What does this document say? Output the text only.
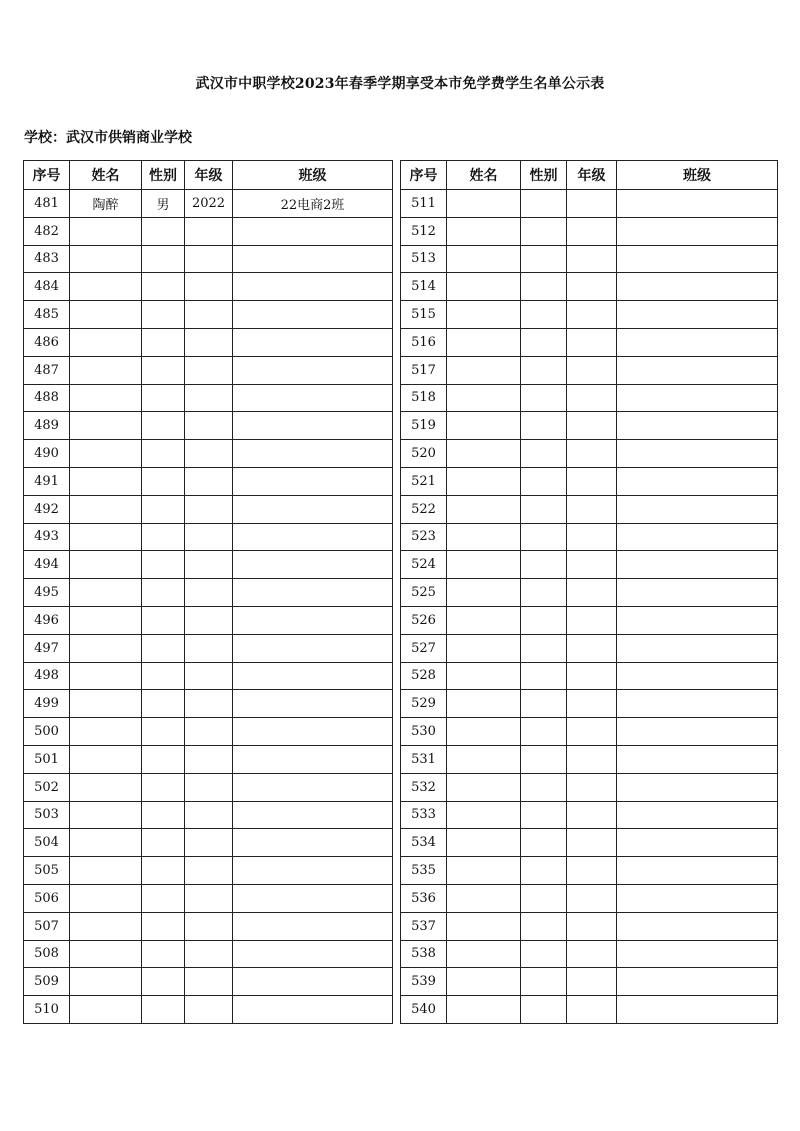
武汉市中职学校2023年春季学期享受本市免学费学生名单公示表
学校：武汉市供销商业学校
序号	姓名	性别	年级	班级
481	陶醉	男	2022	22电商2班
482				
483				
484				
485				
486				
487				
488				
489				
490				
491				
492				
493				
494				
495				
496				
497				
498				
499				
500				
501				
502				
503				
504				
505				
506				
507				
508				
509				
510				
序号	姓名	性别	年级	班级
511				
512				
513				
514				
515				
516				
517				
518				
519				
520				
521				
522				
523				
524				
525				
526				
527				
528				
529				
530				
531				
532				
533				
534				
535				
536				
537				
538				
539				
540				
